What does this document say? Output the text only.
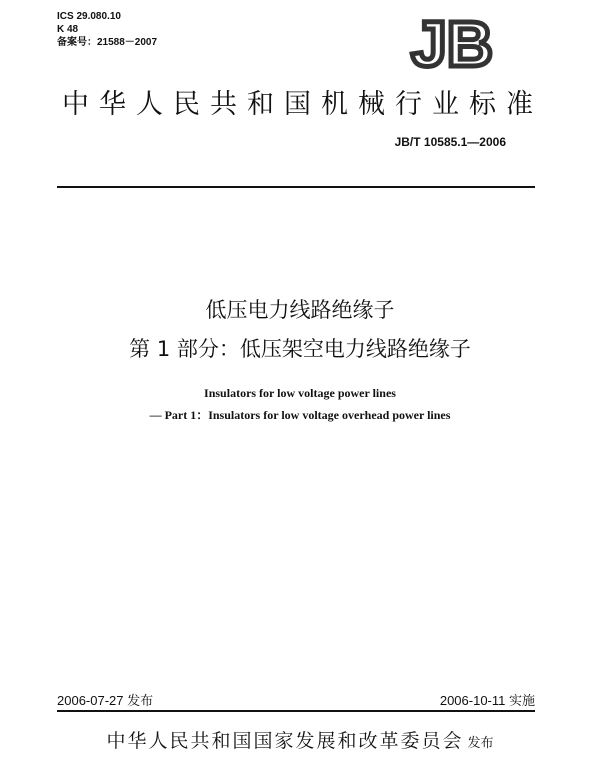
ICS 29.080.10
K 48
备案号：21588－2007	JB
中华人民共和国机械行业标准
JB/T 10585.1—2006
低压电力线路绝缘子
第 1 部分：低压架空电力线路绝缘子
Insulators for low voltage power lines
— Part 1：Insulators for low voltage overhead power lines
2006-07-27 发布	2006-10-11 实施
中华人民共和国国家发展和改革委员会 发布
